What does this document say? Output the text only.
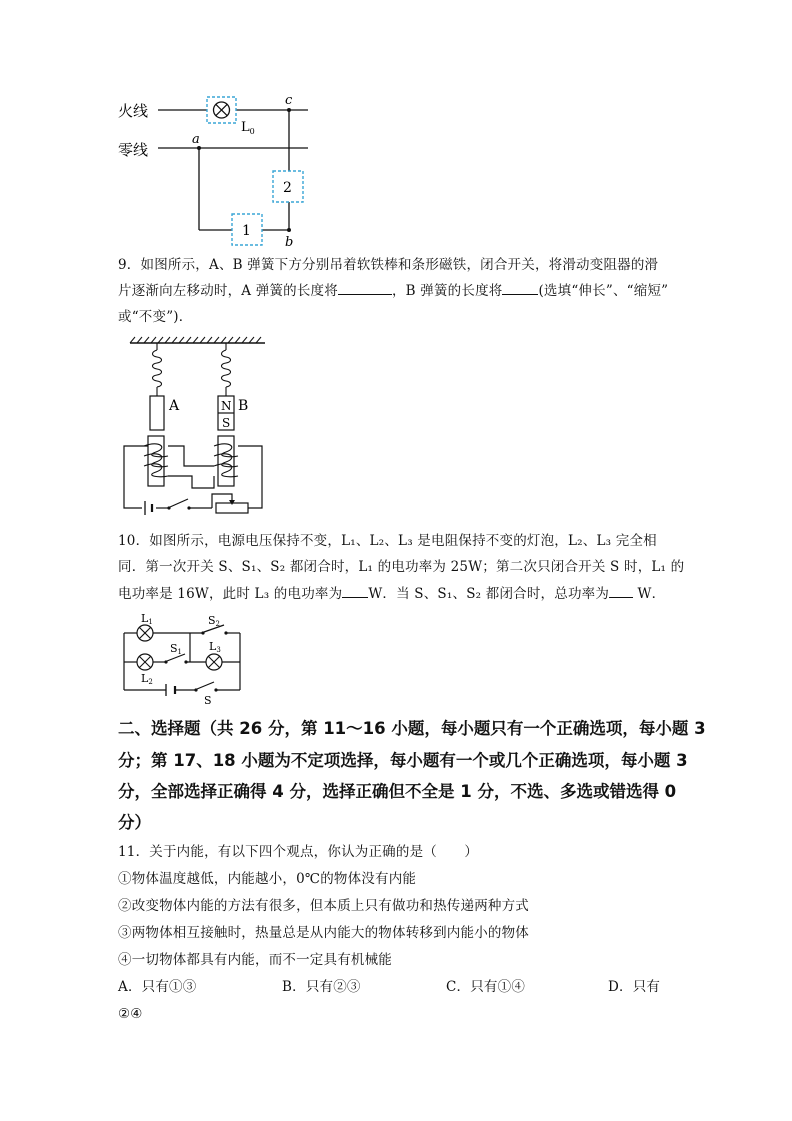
火线
零线
$L_0$
c
a
b
2
1
9．如图所示，A、B 弹簧下方分别吊着软铁棒和条形磁铁，闭合开关，将滑动变阻器的滑
片逐渐向左移动时，A 弹簧的长度将	，B 弹簧的长度将	(选填“伸长”、“缩短”
或“不变”)．
A	N
S
B
10．如图所示，电源电压保持不变，L₁、L₂、L₃ 是电阻保持不变的灯泡，L₂、L₃ 完全相
同．第一次开关 S、S₁、S₂ 都闭合时，L₁ 的电功率为 25W；第二次只闭合开关 S 时，L₁ 的
电功率是 16W，此时 L₃ 的电功率为 W．当 S、S₁、S₂ 都闭合时，总功率为 W．
L1
L2
L3
S2
S1
S
二、选择题（共 26 分，第 11～16 小题，每小题只有一个正确选项，每小题 3
分；第 17、18 小题为不定项选择，每小题有一个或几个正确选项，每小题 3
分，全部选择正确得 4 分，选择正确但不全是 1 分，不选、多选或错选得 0
分）
11．关于内能，有以下四个观点，你认为正确的是（　　）
①物体温度越低，内能越小，0℃的物体没有内能
②改变物体内能的方法有很多，但本质上只有做功和热传递两种方式
③两物体相互接触时，热量总是从内能大的物体转移到内能小的物体
④一切物体都具有内能，而不一定具有机械能
A．只有①③	B．只有②③	C．只有①④	D．只有
②④
